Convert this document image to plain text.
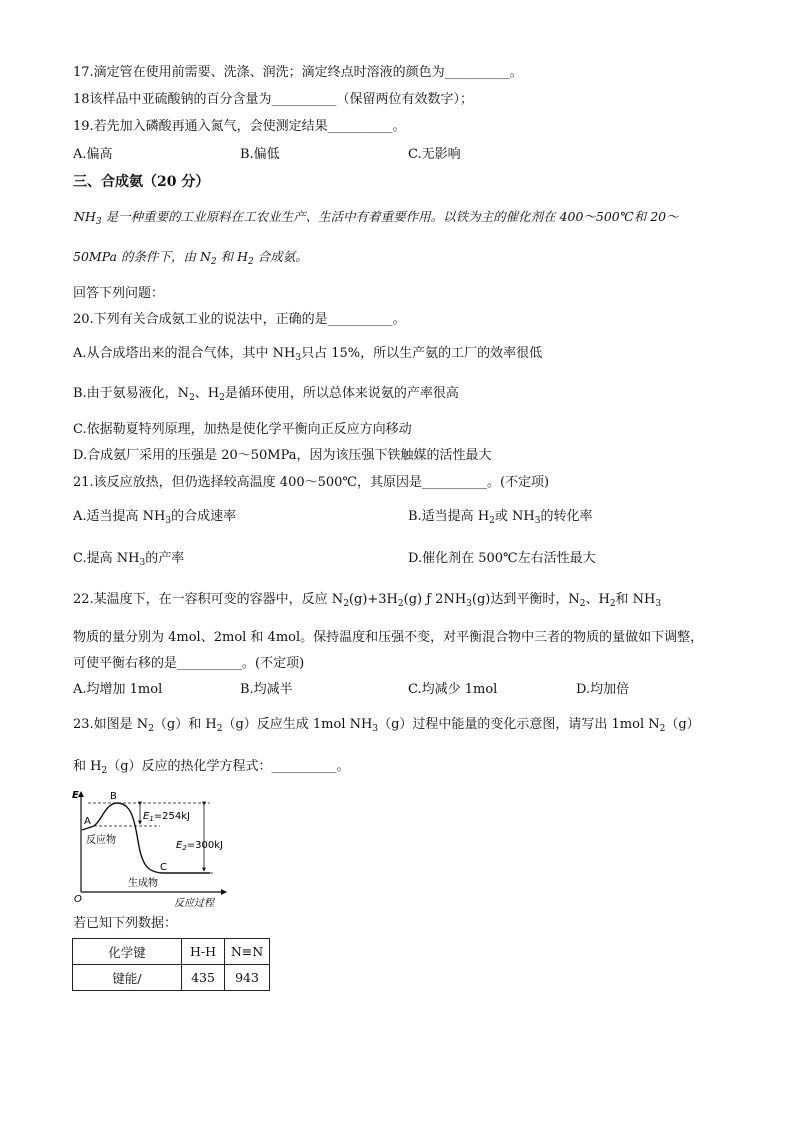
17.滴定管在使用前需要、洗涤、润洗；滴定终点时溶液的颜色为__________。
18该样品中亚硫酸钠的百分含量为__________（保留两位有效数字）；
19.若先加入磷酸再通入氮气，会使测定结果__________。
A.偏高	B.偏低	C.无影响
三、合成氨（20 分）
$NH_3$ 是一种重要的工业原料在工农业生产、生活中有着重要作用。以铁为主的催化剂在 400～500℃和 20～
50MPa 的条件下，由 $N_2$ 和 $H_2$ 合成氨。
回答下列问题：
20.下列有关合成氨工业的说法中，正确的是__________。
A.从合成塔出来的混合气体，其中 $NH_3$只占 15%，所以生产氨的工厂的效率很低
B.由于氨易液化，$N_2$、$H_2$是循环使用，所以总体来说氨的产率很高
C.依据勒夏特列原理，加热是使化学平衡向正反应方向移动
D.合成氨厂采用的压强是 20～50MPa，因为该压强下铁触媒的活性最大
21.该反应放热，但仍选择较高温度 400～500℃，其原因是__________。(不定项)
A.适当提高 $NH_3$的合成速率	B.适当提高 $H_2$或 $NH_3$的转化率
C.提高 $NH_3$的产率	D.催化剂在 500℃左右活性最大
22.某温度下，在一容积可变的容器中，反应 $N_2(g)+3H_2(g)$ ƒ $2NH_3(g)$达到平衡时，$N_2$、$H_2$和 $NH_3$
物质的量分别为 4mol、2mol 和 4mol。保持温度和压强不变，对平衡混合物中三者的物质的量做如下调整，
可使平衡右移的是__________。(不定项)
A.均增加 1mol	B.均减半	C.均减少 1mol	D.均加倍
23.如图是 $N_2(g)$和 $H_2(g)$反应生成 1mol $NH_3(g)$过程中能量的变化示意图，请写出 1mol $N_2(g)$
和 $H_2(g)$反应的热化学方程式：__________。
E
O
A
B
C
反应物
生成物
反应过程
$E_1=254kJ$
$E_2=300kJ$
若已知下列数据：
化学键	H-H	N≡N
键能/	435	943
